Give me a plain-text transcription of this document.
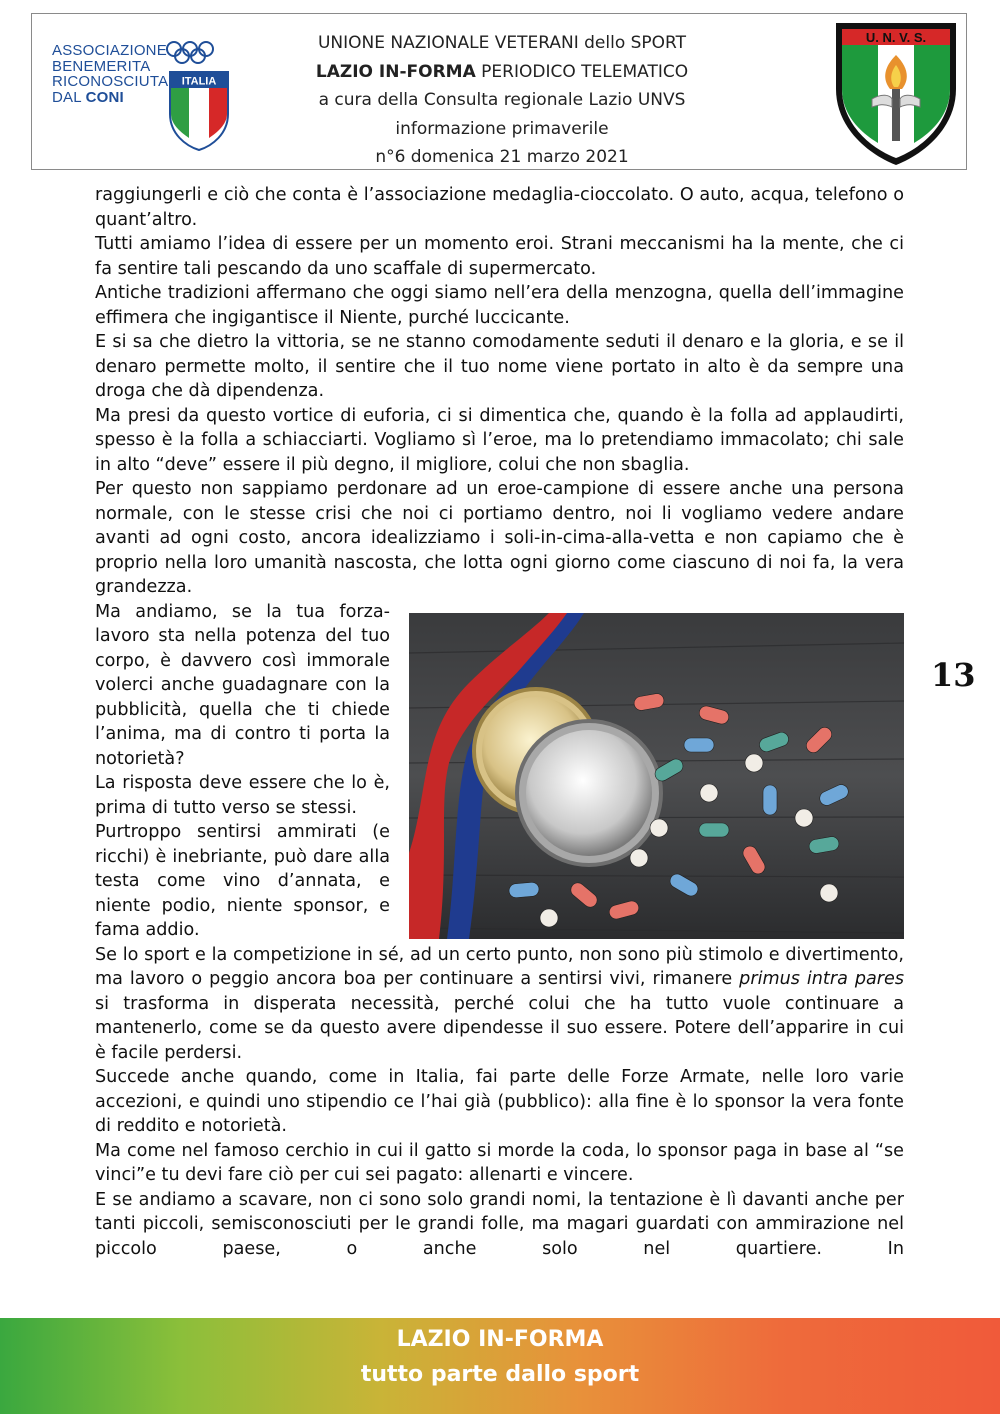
ASSOCIAZIONE
BENEMERITA
RICONOSCIUTA
DAL CONI
ITALIA
UNIONE NAZIONALE VETERANI dello SPORT
LAZIO IN-FORMA PERIODICO TELEMATICO
a cura della Consulta regionale Lazio UNVS
informazione primaverile
n°6 domenica 21 marzo 2021
U. N. V. S.
13

raggiungerli e ciò che conta è l’associazione medaglia-cioccolato. O auto, acqua, telefono o quant’altro.

Tutti amiamo l’idea di essere per un momento eroi. Strani meccanismi ha la mente, che ci fa sentire tali pescando da uno scaffale di supermercato.

Antiche tradizioni affermano che oggi siamo nell’era della menzogna, quella dell’immagine effimera che ingigantisce il Niente, purché luccicante.

E si sa che dietro la vittoria, se ne stanno comodamente seduti il denaro e la gloria, e se il denaro permette molto, il sentire che il tuo nome viene portato in alto è da sempre una droga che dà dipendenza.

Ma presi da questo vortice di euforia, ci si dimentica che, quando è la folla ad applaudirti, spesso è la folla a schiacciarti. Vogliamo sì l’eroe, ma lo pretendiamo immacolato; chi sale in alto “deve” essere il più degno, il migliore, colui che non sbaglia.

Per questo non sappiamo perdonare ad un eroe-campione di essere anche una persona normale, con le stesse crisi che noi ci portiamo dentro, noi li vogliamo vedere andare avanti ad ogni costo, ancora idealizziamo i soli-in-cima-alla-vetta e non capiamo che è proprio nella loro umanità nascosta, che lotta ogni giorno come ciascuno di noi fa, la vera grandezza.

Ma andiamo, se la tua forza-lavoro sta nella potenza del tuo corpo, è davvero così immorale volerci anche guadagnare con la pubblicità, quella che ti chiede l’anima, ma di contro ti porta la notorietà?

La risposta deve essere che lo è, prima di tutto verso se stessi.

Purtroppo sentirsi ammirati (e ricchi) è inebriante, può dare alla testa come vino d’annata, e niente podio, niente sponsor, e fama addio.

Se lo sport e la competizione in sé, ad un certo punto, non sono più stimolo e divertimento, ma lavoro o peggio ancora boa per continuare a sentirsi vivi, rimanere primus intra pares si trasforma in disperata necessità, perché colui che ha tutto vuole continuare a mantenerlo, come se da questo avere dipendesse il suo essere. Potere dell’apparire in cui è facile perdersi.

Succede anche quando, come in Italia, fai parte delle Forze Armate, nelle loro varie accezioni, e quindi uno stipendio ce l’hai già (pubblico): alla fine è lo sponsor la vera fonte di reddito e notorietà.

Ma come nel famoso cerchio in cui il gatto si morde la coda, lo sponsor paga in base al “se vinci”e tu devi fare ciò per cui sei pagato: allenarti e vincere.

E se andiamo a scavare, non ci sono solo grandi nomi, la tentazione è lì davanti anche per tanti piccoli, semisconosciuti per le grandi folle, ma magari guardati con ammirazione nel piccolo paese, o anche solo nel quartiere. In

LAZIO IN-FORMA
tutto parte dallo sport
